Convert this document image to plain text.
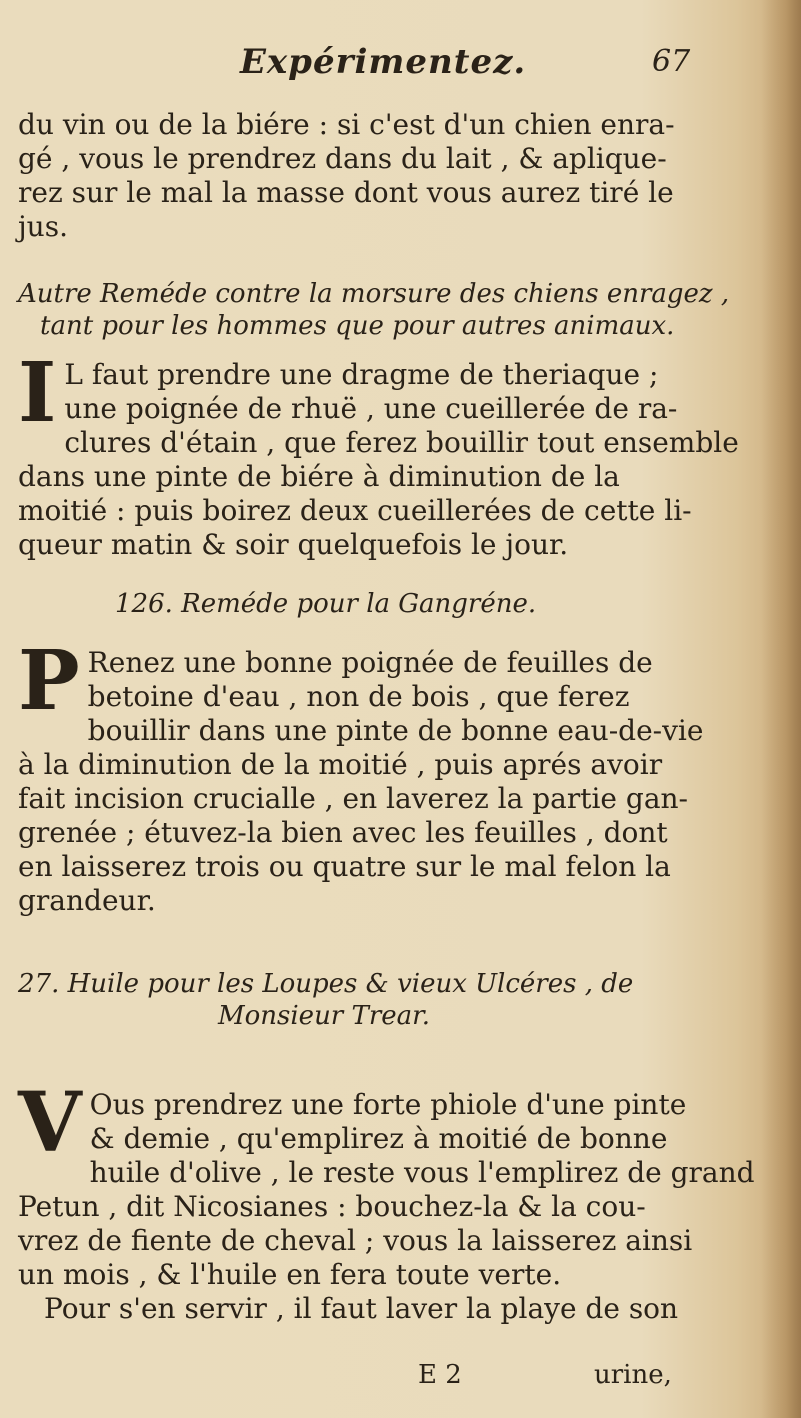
Expérimentez.	67
du vin ou de la biére : si c'est d'un chien enra-
gé , vous le prendrez dans du lait , & aplique-
rez sur le mal la masse dont vous aurez tiré le
jus.
Autre Reméde contre la morsure des chiens enragez ,
tant pour les hommes que pour autres animaux.
I L faut prendre une dragme de theriaque ;
une poignée de rhuë , une cueillerée de ra-
clures d'étain , que ferez bouillir tout ensemble
dans une pinte de biére à diminution de la
moitié : puis boirez deux cueillerées de cette li-
queur matin & soir quelquefois le jour.
126. Reméde pour la Gangréne.
P Renez une bonne poignée de feuilles de
betoine d'eau , non de bois , que ferez
bouillir dans une pinte de bonne eau-de-vie
à la diminution de la moitié , puis aprés avoir
fait incision crucialle , en laverez la partie gan-
grenée ; étuvez-la bien avec les feuilles , dont
en laisserez trois ou quatre sur le mal felon la
grandeur.
27. Huile pour les Loupes & vieux Ulcéres , de
Monsieur Trear.
V Ous prendrez une forte phiole d'une pinte
& demie , qu'emplirez à moitié de bonne
huile d'olive , le reste vous l'emplirez de grand
Petun , dit Nicosianes : bouchez-la & la cou-
vrez de fiente de cheval ; vous la laisserez ainsi
un mois , & l'huile en fera toute verte.
Pour s'en servir , il faut laver la playe de son
E 2	urine,
